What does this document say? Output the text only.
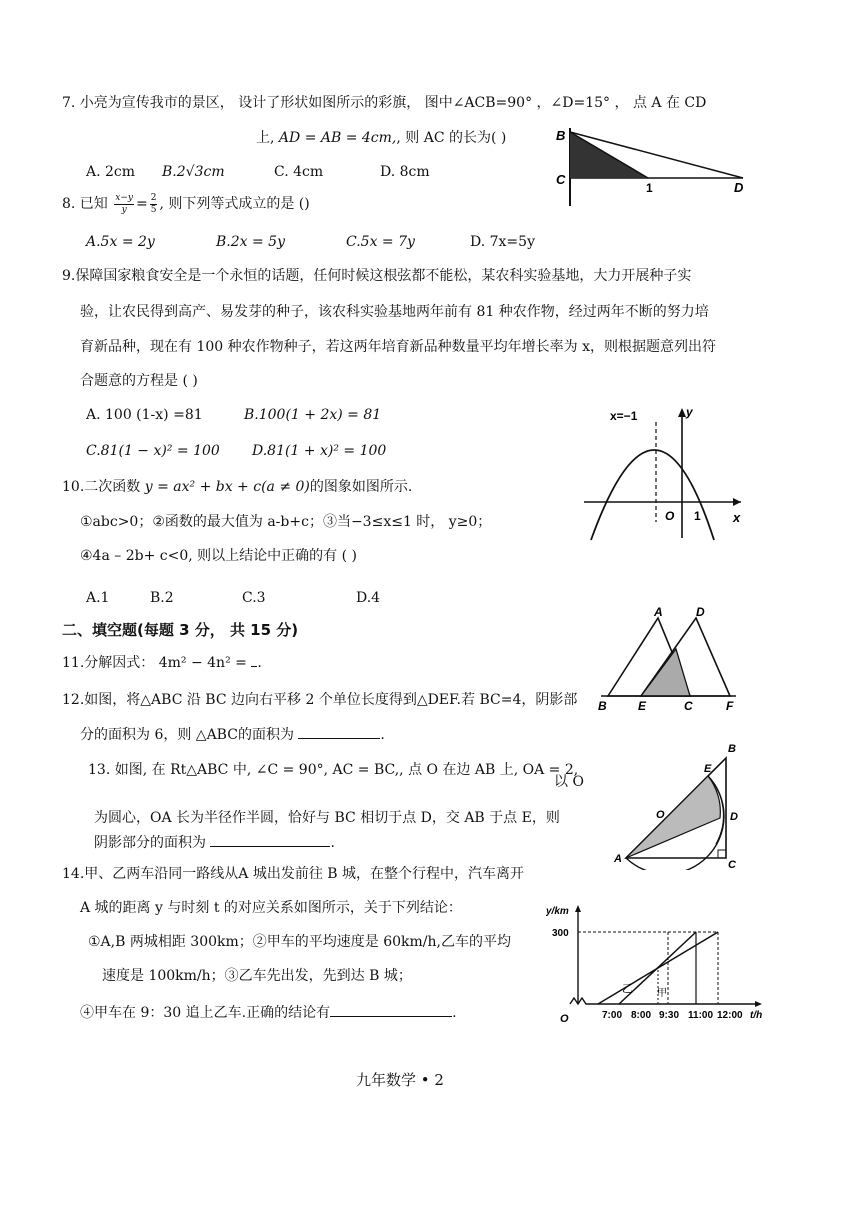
7. 小亮为宣传我市的景区， 设计了形状如图所示的彩旗， 图中∠ACB=90° ，∠D=15° ， 点 A 在 CD
上, AD = AB = 4cm,, 则 AC 的长为( )
A. 2cm B.2√3cm	C. 4cm	D. 8cm
B
C
1	D
8. 已知 $\frac{x-y}{y} = \frac{2}{5}$ , 则下列等式成立的是 ()
A.5x = 2y	B.2x = 5y	C.5x = 7y	D. 7x=5y
9.保障国家粮食安全是一个永恒的话题，任何时候这根弦都不能松，某农科实验基地，大力开展种子实
验，让农民得到高产、易发芽的种子，该农科实验基地两年前有 81 种农作物，经过两年不断的努力培
育新品种，现在有 100 种农作物种子，若这两年培育新品种数量平均年增长率为 x，则根据题意列出符
合题意的方程是 ( )
A. 100 (1-x) =81	B.100(1 + 2x) = 81
C.81(1 − x)² = 100 D.81(1 + x)² = 100
x=−1	y
x
O 1
10.二次函数 y = ax² + bx + c(a ≠ 0)的图象如图所示.
①abc>0；②函数的最大值为 a-b+c；③当−3≤x≤1 时， y≥0；
④4a – 2b+ c<0, 则以上结论中正确的有 ( )
A.1	B.2	C.3	D.4
二、填空题(每题 3 分， 共 15 分)
11.分解因式： 4m² − 4n² = .
A	D
B	E	C	F
12.如图，将△ABC 沿 BC 边向右平移 2 个单位长度得到△DEF.若 BC=4，阴影部
分的面积为 6，则 △ABC的面积为	.
13. 如图, 在 Rt△ABC 中, ∠C = 90°, AC = BC,, 点 O 在边 AB 上, OA = 2,
以 O
为圆心，OA 长为半径作半圆，恰好与 BC 相切于点 D，交 AB 于点 E，则
阴影部分的面积为	.
B
E
O	D
A	C
14.甲、乙两车沿同一路线从A 城出发前往 B 城，在整个行程中，汽车离开
A 城的距离 y 与时刻 t 的对应关系如图所示，关于下列结论：
①A,B 两城相距 300km；②甲车的平均速度是 60km/h,乙车的平均
速度是 100km/h；③乙车先出发，先到达 B 城；
④甲车在 9：30 追上乙车.正确的结论有	.
y/km
300
O	7:00 8:00 9:30 11:00 12:00 t/h
乙 甲
九年数学 • 2
